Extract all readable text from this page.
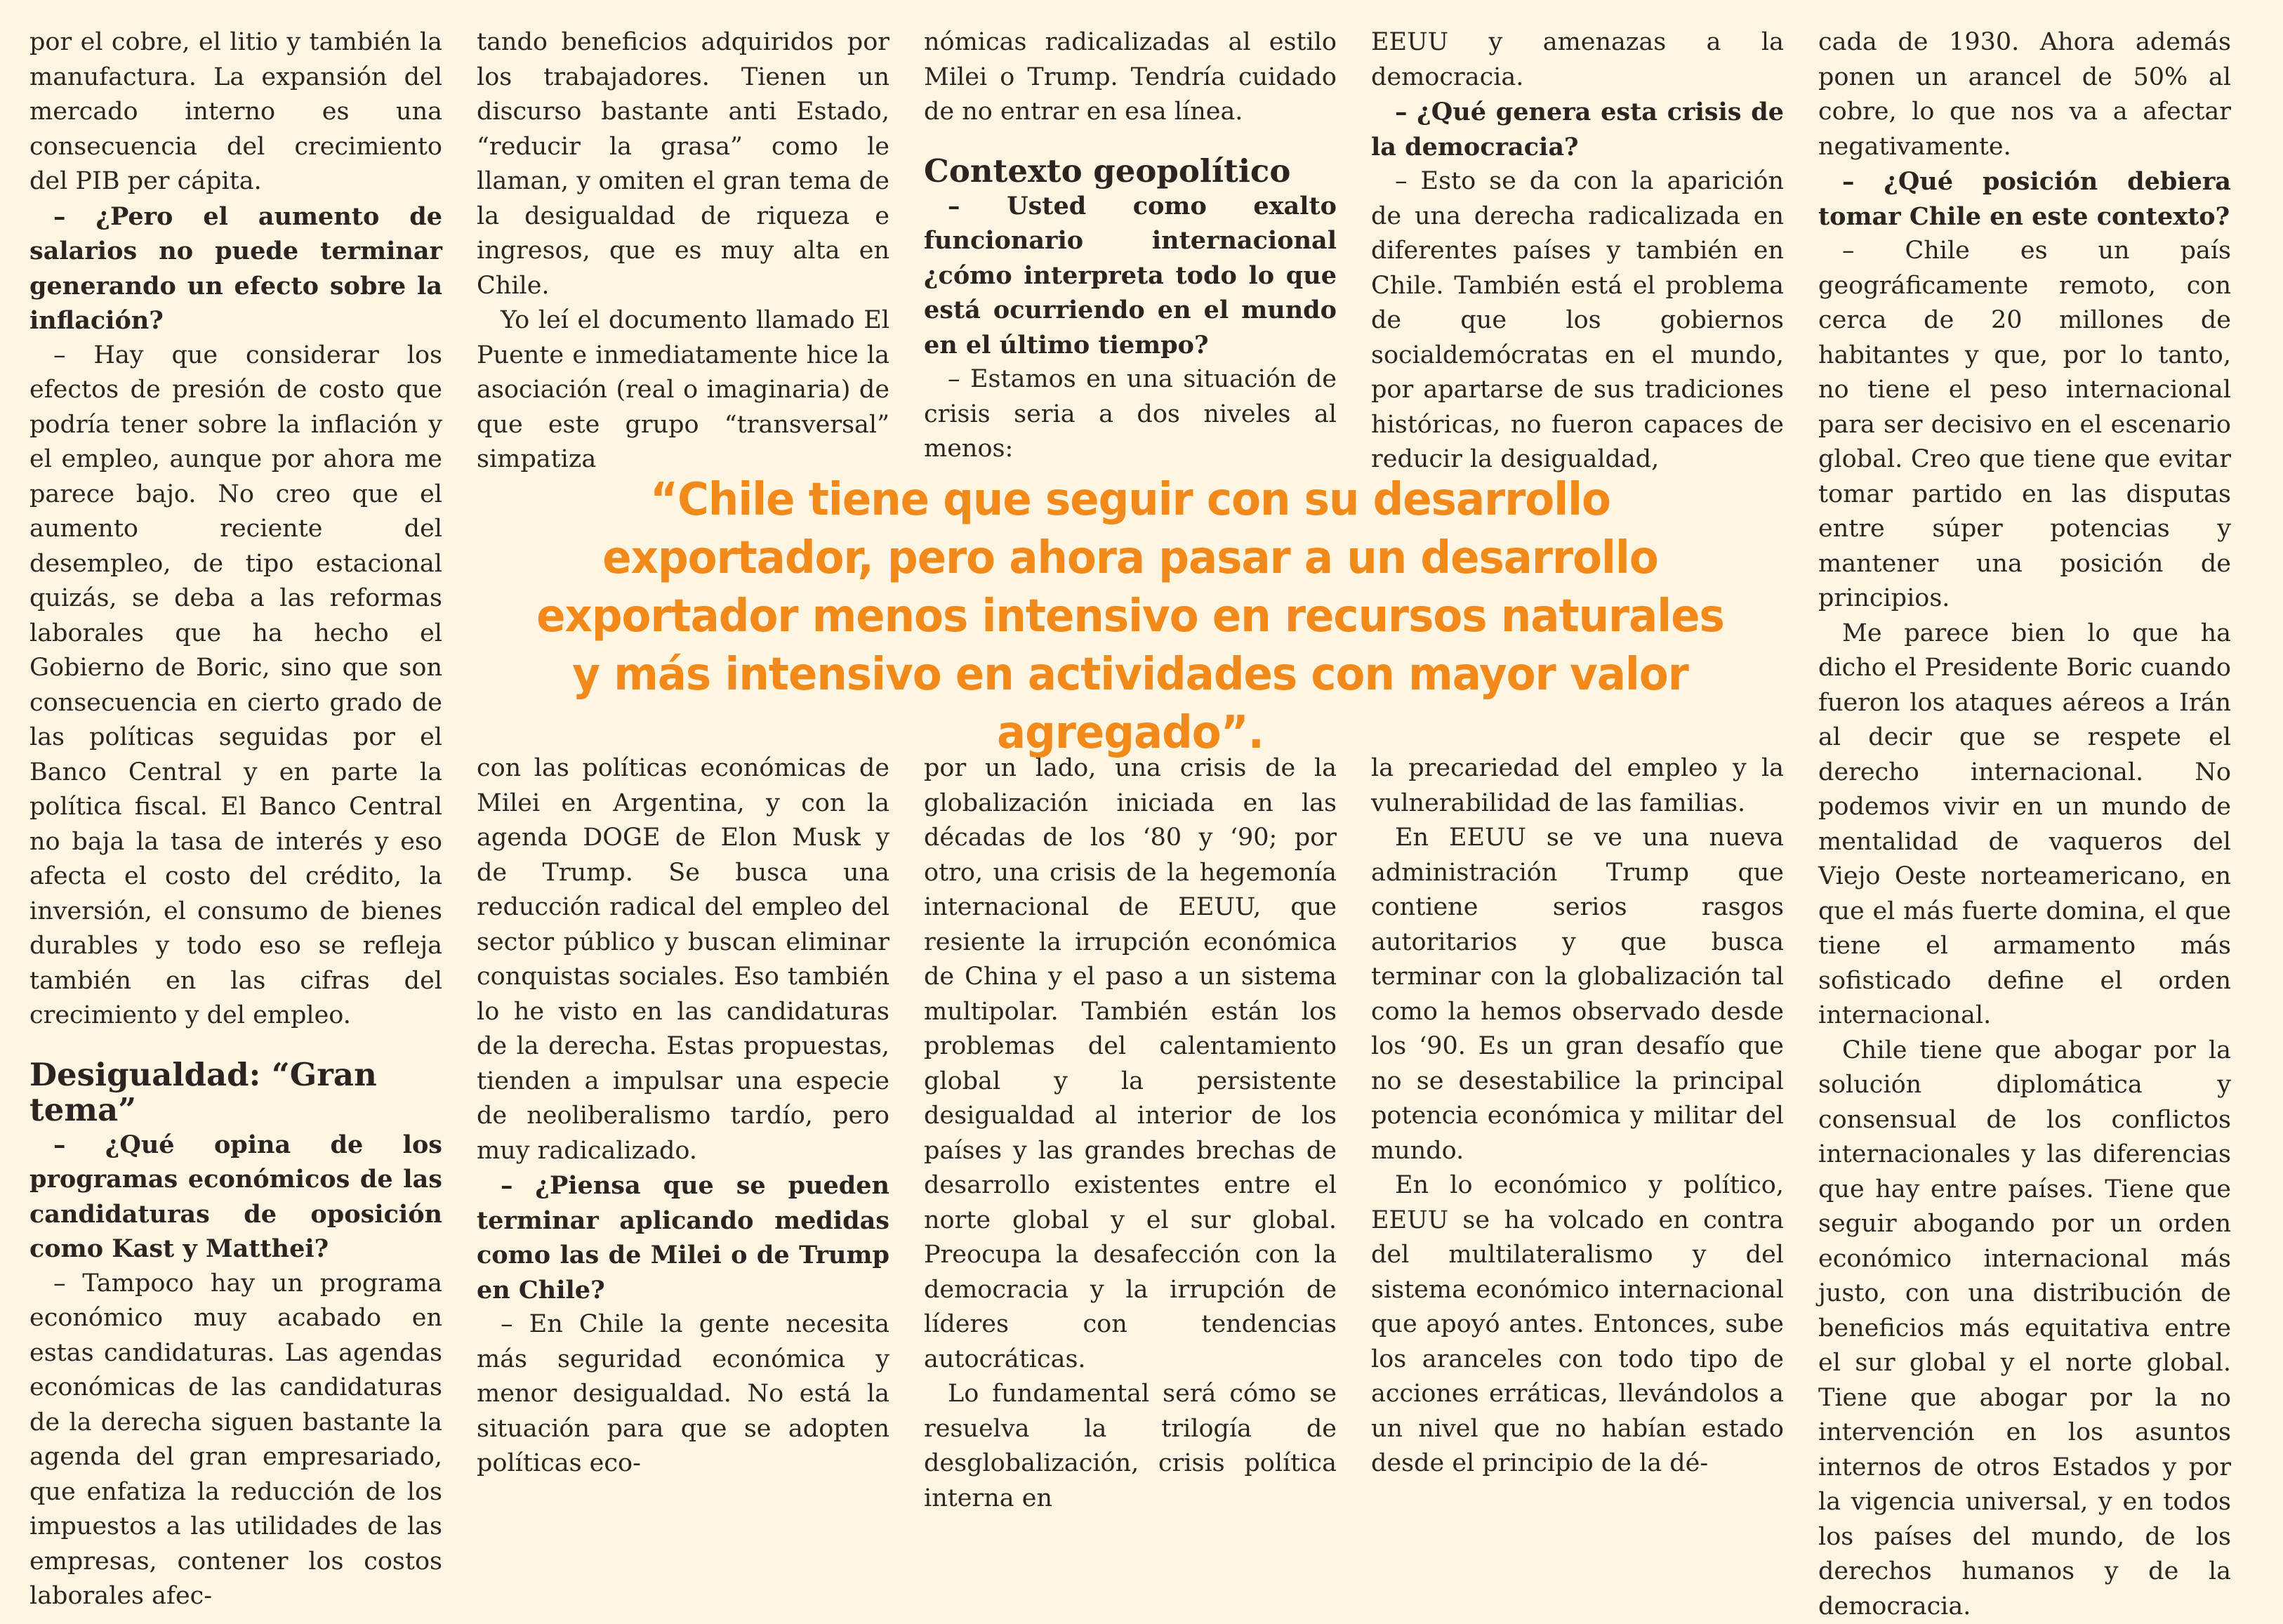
por el cobre, el litio y también la manufactura. La expansión del mercado interno es una consecuencia del crecimiento del PIB per cápita.

– ¿Pero el aumento de salarios no puede terminar generando un efecto sobre la inflación?

– Hay que considerar los efectos de presión de costo que podría tener sobre la inflación y el empleo, aunque por ahora me parece bajo. No creo que el aumento reciente del desempleo, de tipo estacional quizás, se deba a las reformas laborales que ha hecho el Gobierno de Boric, sino que son consecuencia en cierto grado de las políticas seguidas por el Banco Central y en parte la política fiscal. El Banco Central no baja la tasa de interés y eso afecta el costo del crédito, la inversión, el consumo de bienes durables y todo eso se refleja también en las cifras del crecimiento y del empleo.

Desigualdad: “Gran tema”

– ¿Qué opina de los programas económicos de las candidaturas de oposición como Kast y Matthei?

– Tampoco hay un programa económico muy acabado en estas candidaturas. Las agendas económicas de las candidaturas de la derecha siguen bastante la agenda del gran empresariado, que enfatiza la reducción de los impuestos a las utilidades de las empresas, contener los costos laborales afec-

tando beneficios adquiridos por los trabajadores. Tienen un discurso bastante anti Estado, “reducir la grasa” como le llaman, y omiten el gran tema de la desigualdad de riqueza e ingresos, que es muy alta en Chile.

Yo leí el documento llamado El Puente e inmediatamente hice la asociación (real o imaginaria) de que este grupo “transversal” simpatiza

con las políticas económicas de Milei en Argentina, y con la agenda DOGE de Elon Musk y de Trump. Se busca una reducción radical del empleo del sector público y buscan eliminar conquistas sociales. Eso también lo he visto en las candidaturas de la derecha. Estas propuestas, tienden a impulsar una especie de neoliberalismo tardío, pero muy radicalizado.

– ¿Piensa que se pueden terminar aplicando medidas como las de Milei o de Trump en Chile?

– En Chile la gente necesita más seguridad económica y menor desigualdad. No está la situación para que se adopten políticas eco-

nómicas radicalizadas al estilo Milei o Trump. Tendría cuidado de no entrar en esa línea.

Contexto geopolítico

– Usted como exalto funcionario internacional ¿cómo interpreta todo lo que está ocurriendo en el mundo en el último tiempo?

– Estamos en una situación de crisis seria a dos niveles al menos:

por un lado, una crisis de la globalización iniciada en las décadas de los ‘80 y ‘90; por otro, una crisis de la hegemonía internacional de EEUU, que resiente la irrupción económica de China y el paso a un sistema multipolar. También están los problemas del calentamiento global y la persistente desigualdad al interior de los países y las grandes brechas de desarrollo existentes entre el norte global y el sur global. Preocupa la desafección con la democracia y la irrupción de líderes con tendencias autocráticas.

Lo fundamental será cómo se resuelva la trilogía de desglobalización, crisis política interna en

EEUU y amenazas a la democracia.

– ¿Qué genera esta crisis de la democracia?

– Esto se da con la aparición de una derecha radicalizada en diferentes países y también en Chile. También está el problema de que los gobiernos socialdemócratas en el mundo, por apartarse de sus tradiciones históricas, no fueron capaces de reducir la desigualdad,

la precariedad del empleo y la vulnerabilidad de las familias.

En EEUU se ve una nueva administración Trump que contiene serios rasgos autoritarios y que busca terminar con la globalización tal como la hemos observado desde los ‘90. Es un gran desafío que no se desestabilice la principal potencia económica y militar del mundo.

En lo económico y político, EEUU se ha volcado en contra del multilateralismo y del sistema económico internacional que apoyó antes. Entonces, sube los aranceles con todo tipo de acciones erráticas, llevándolos a un nivel que no habían estado desde el principio de la dé-

cada de 1930. Ahora además ponen un arancel de 50% al cobre, lo que nos va a afectar negativamente.

– ¿Qué posición debiera tomar Chile en este contexto?

– Chile es un país geográficamente remoto, con cerca de 20 millones de habitantes y que, por lo tanto, no tiene el peso internacional para ser decisivo en el escenario global. Creo que tiene que evitar tomar partido en las disputas entre súper potencias y mantener una posición de principios.

Me parece bien lo que ha dicho el Presidente Boric cuando fueron los ataques aéreos a Irán al decir que se respete el derecho internacional. No podemos vivir en un mundo de mentalidad de vaqueros del Viejo Oeste norteamericano, en que el más fuerte domina, el que tiene el armamento más sofisticado define el orden internacional.

Chile tiene que abogar por la solución diplomática y consensual de los conflictos internacionales y las diferencias que hay entre países. Tiene que seguir abogando por un orden económico internacional más justo, con una distribución de beneficios más equitativa entre el sur global y el norte global. Tiene que abogar por la no intervención en los asuntos internos de otros Estados y por la vigencia universal, y en todos los países del mundo, de los derechos humanos y de la democracia.

“Chile tiene que seguir con su desarrollo exportador, pero ahora pasar a un desarrollo exportador menos intensivo en recursos naturales y más intensivo en actividades con mayor valor agregado”.
